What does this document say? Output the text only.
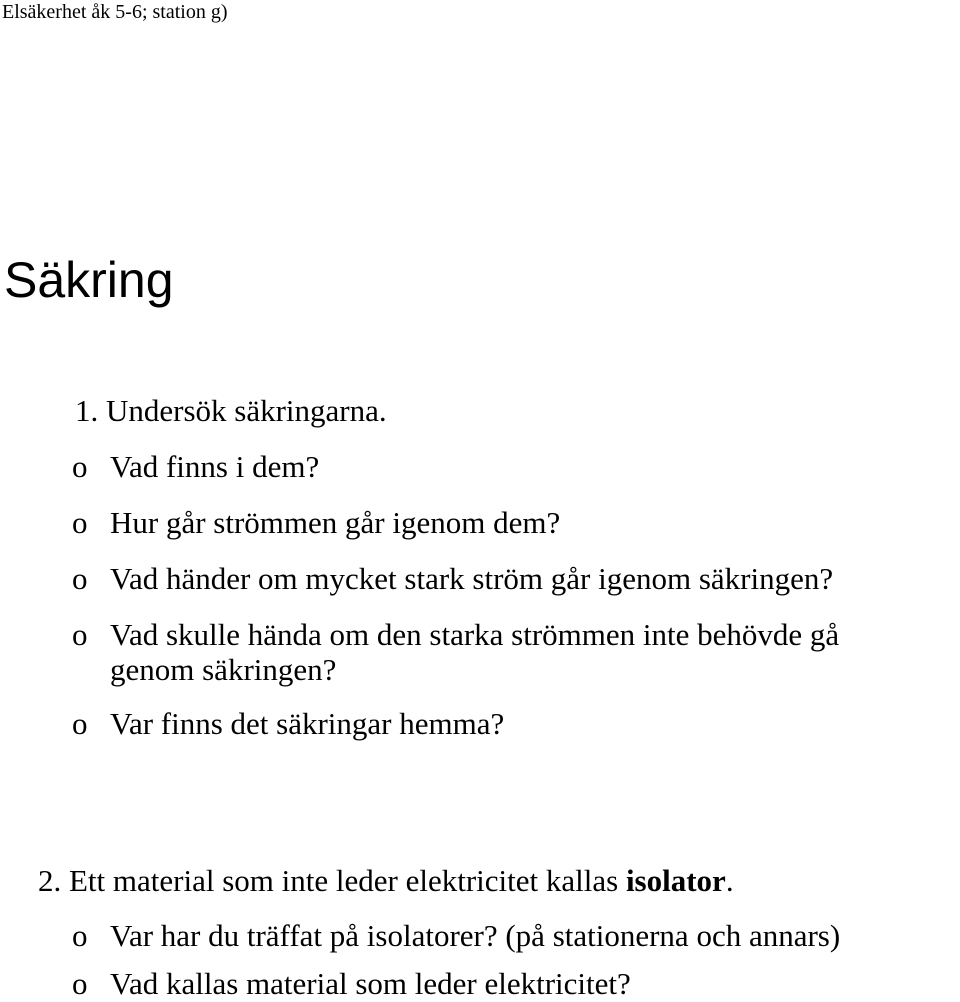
Elsäkerhet åk 5-6; station g)
Säkring
1. Undersök säkringarna.
o Vad finns i dem?
o Hur går strömmen går igenom dem?
o Vad händer om mycket stark ström går igenom säkringen?
o Vad skulle hända om den starka strömmen inte behövde gå
genom säkringen?
o Var finns det säkringar hemma?
2. Ett material som inte leder elektricitet kallas isolator.
o Var har du träffat på isolatorer? (på stationerna och annars)
o Vad kallas material som leder elektricitet?
